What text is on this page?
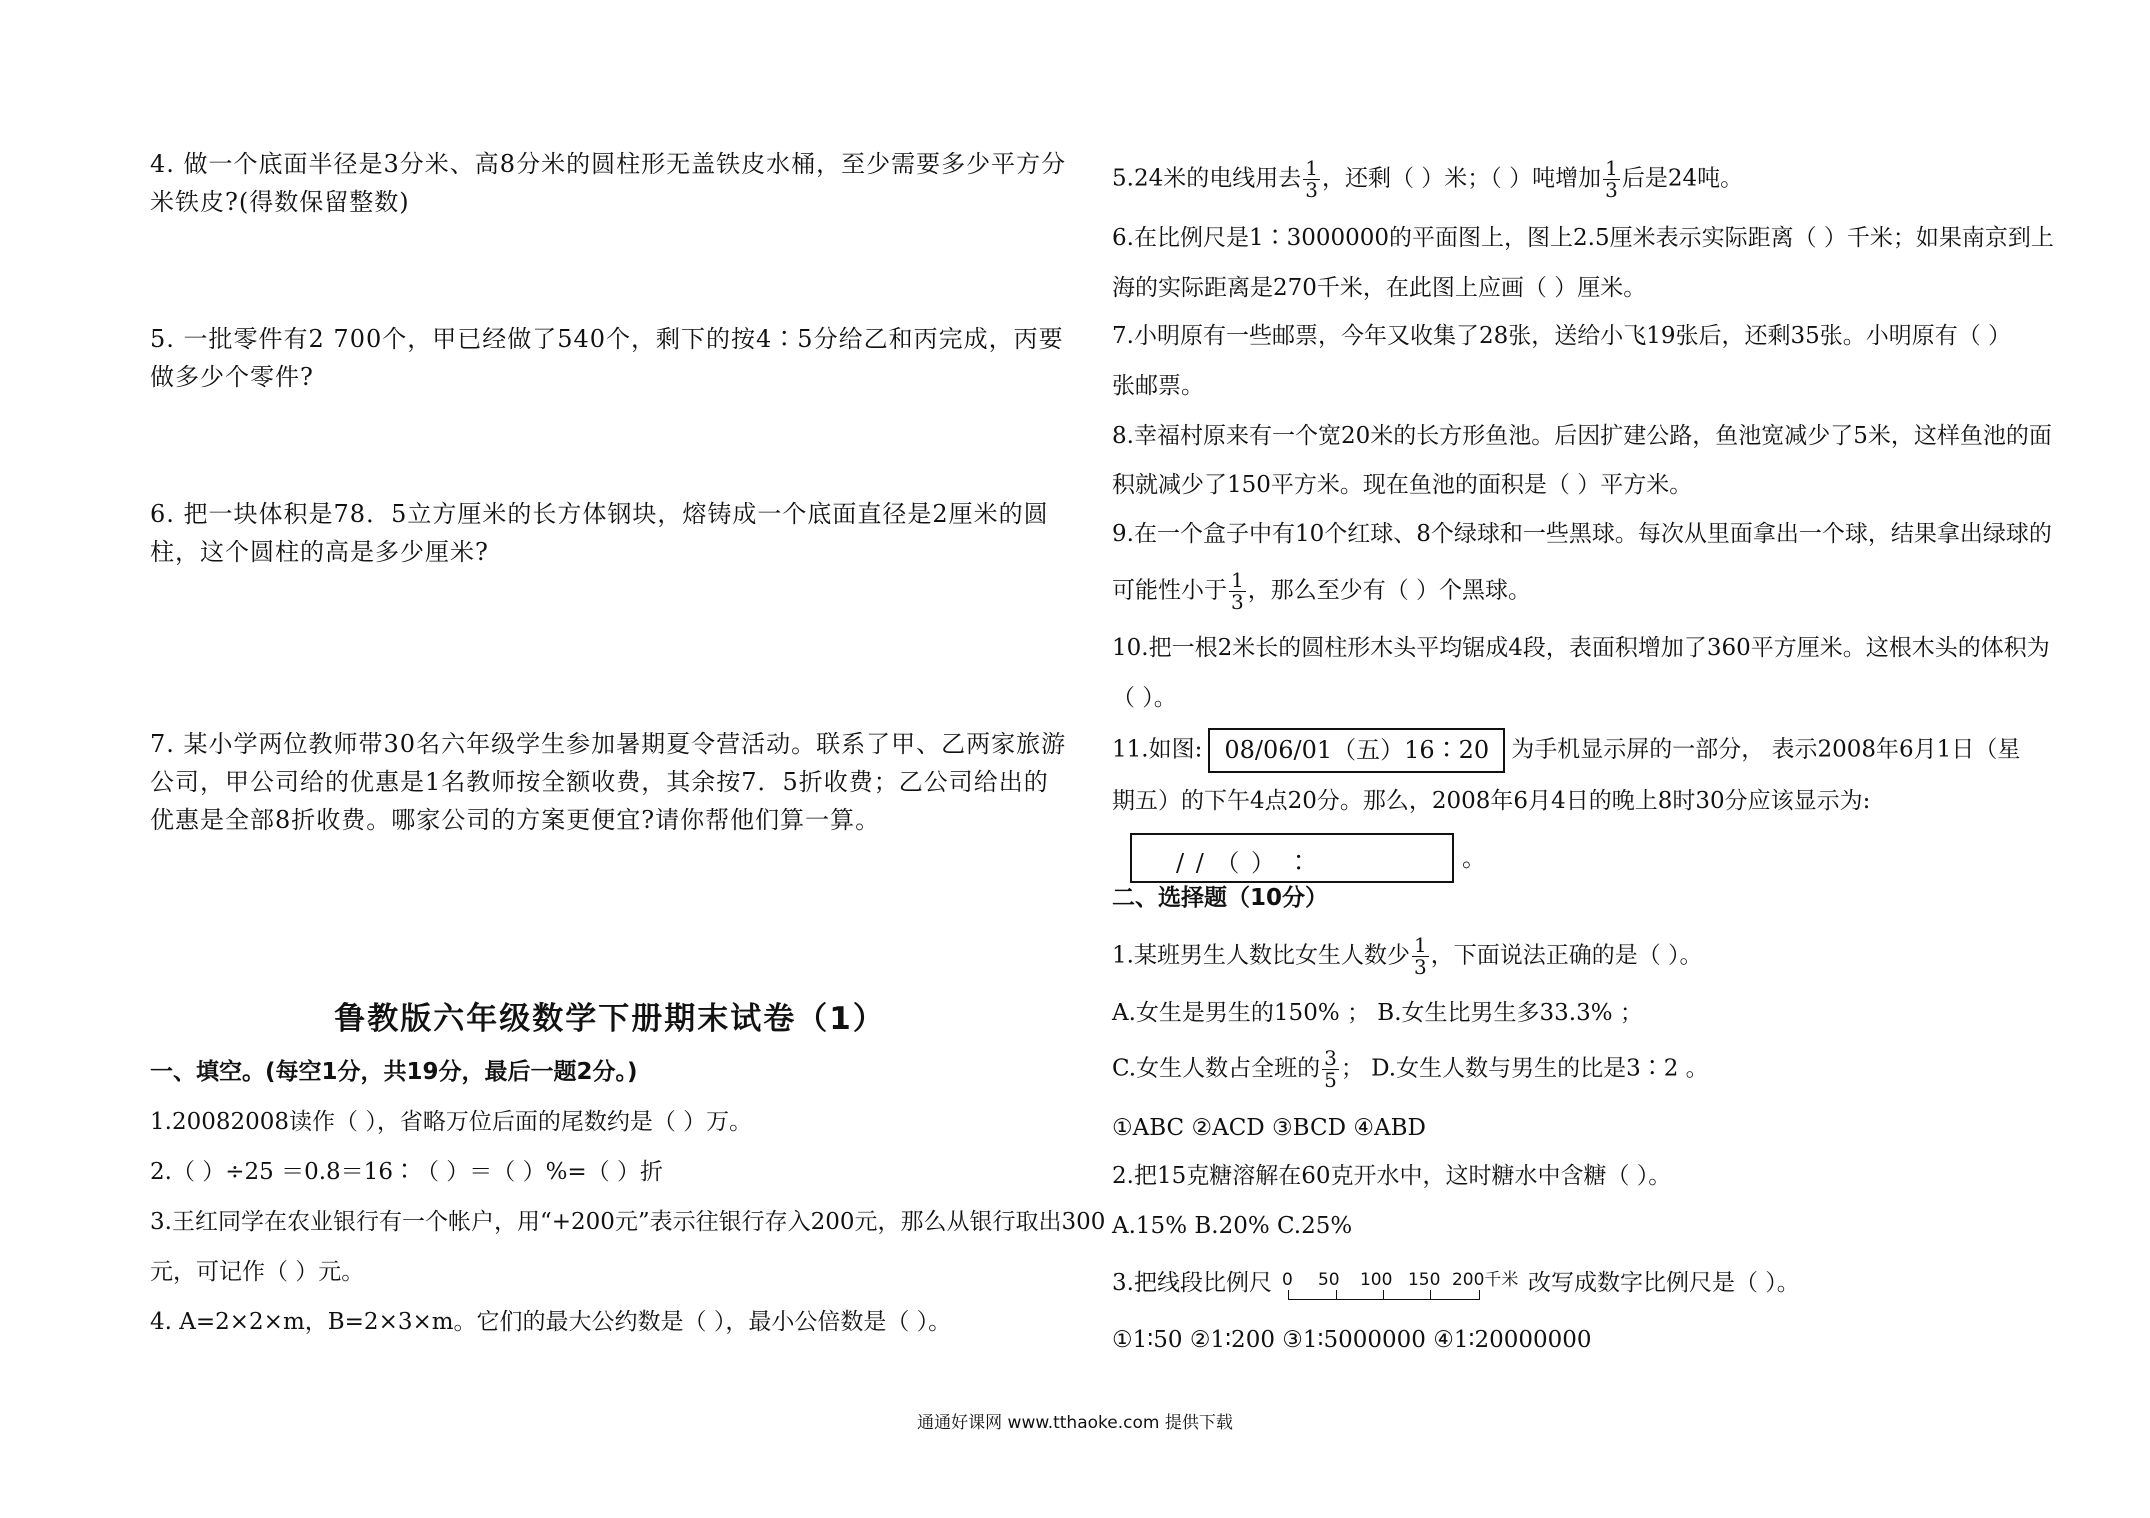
4. 做一个底面半径是3分米、高8分米的圆柱形无盖铁皮水桶，至少需要多少平方分米铁皮?(得数保留整数)

5. 一批零件有2 700个，甲已经做了540个，剩下的按4∶5分给乙和丙完成，丙要做多少个零件?

6. 把一块体积是78．5立方厘米的长方体钢块，熔铸成一个底面直径是2厘米的圆柱，这个圆柱的高是多少厘米?

7. 某小学两位教师带30名六年级学生参加暑期夏令营活动。联系了甲、乙两家旅游公司，甲公司给的优惠是1名教师按全额收费，其余按7．5折收费；乙公司给出的优惠是全部8折收费。哪家公司的方案更便宜?请你帮他们算一算。

鲁教版六年级数学下册期末试卷（1）

一、填空。(每空1分，共19分，最后一题2分。)

1.20082008读作（ ），省略万位后面的尾数约是（ ）万。

2.（ ）÷25 ＝0.8＝16∶（ ）＝（ ）%=（ ）折

3.王红同学在农业银行有一个帐户，用“+200元”表示往银行存入200元，那么从银行取出300

元，可记作（ ）元。

4. A=2×2×m，B=2×3×m。它们的最大公约数是（ ），最小公倍数是（ ）。

5.24米的电线用去 $\frac{1}{3}$ ，还剩（ ）米；（ ）吨增加 $\frac{1}{3}$ 后是24吨。

6.在比例尺是1∶3000000的平面图上，图上2.5厘米表示实际距离（ ）千米；如果南京到上

海的实际距离是270千米，在此图上应画（ ）厘米。

7.小明原有一些邮票，今年又收集了28张，送给小飞19张后，还剩35张。小明原有（ ）

张邮票。

8.幸福村原来有一个宽20米的长方形鱼池。后因扩建公路，鱼池宽减少了5米，这样鱼池的面

积就减少了150平方米。现在鱼池的面积是（ ）平方米。

9.在一个盒子中有10个红球、8个绿球和一些黑球。每次从里面拿出一个球，结果拿出绿球的

可能性小于 $\frac{1}{3}$ ，那么至少有（ ）个黑球。

10.把一根2米长的圆柱形木头平均锯成4段，表面积增加了360平方厘米。这根木头的体积为

（ ）。

11.如图: 08/06/01（五）16∶20 为手机显示屏的一部分， 表示2008年6月1日（星

期五）的下午4点20分。那么，2008年6月4日的晚上8时30分应该显示为:

/ / （ ） ∶	。

二、选择题（10分）

1.某班男生人数比女生人数少 $\frac{1}{3}$ ，下面说法正确的是（ ）。

A.女生是男生的150% ； B.女生比男生多33.3% ；

C.女生人数占全班的 $\frac{3}{5}$ ； D.女生人数与男生的比是3∶2 。

①ABC ②ACD ③BCD ④ABD

2.把15克糖溶解在60克开水中，这时糖水中含糖（ ）。

A.15% B.20% C.25%

3.把线段比例尺 0 50 100 150 200千米 改写成数字比例尺是（ ）。

①1∶50 ②1∶200 ③1∶5000000 ④1∶20000000

通通好课网 www.tthaoke.com 提供下载
